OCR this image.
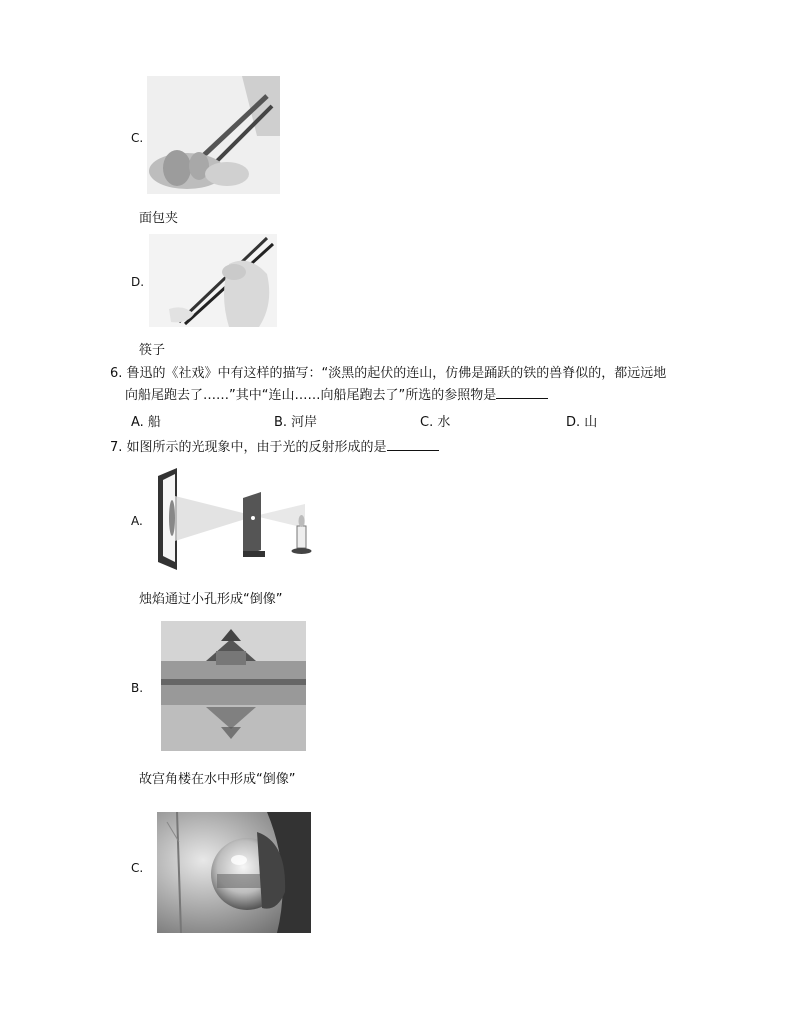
C.
面包夹
D.
筷子
6. 鲁迅的《社戏》中有这样的描写：“淡黑的起伏的连山，仿佛是踊跃的铁的兽脊似的，都远远地
向船尾跑去了……”其中“连山……向船尾跑去了”所选的参照物是
A. 船	B. 河岸	C. 水	D. 山
7. 如图所示的光现象中，由于光的反射形成的是
A.
烛焰通过小孔形成“倒像”
B.
故宫角楼在水中形成“倒像”
C.
